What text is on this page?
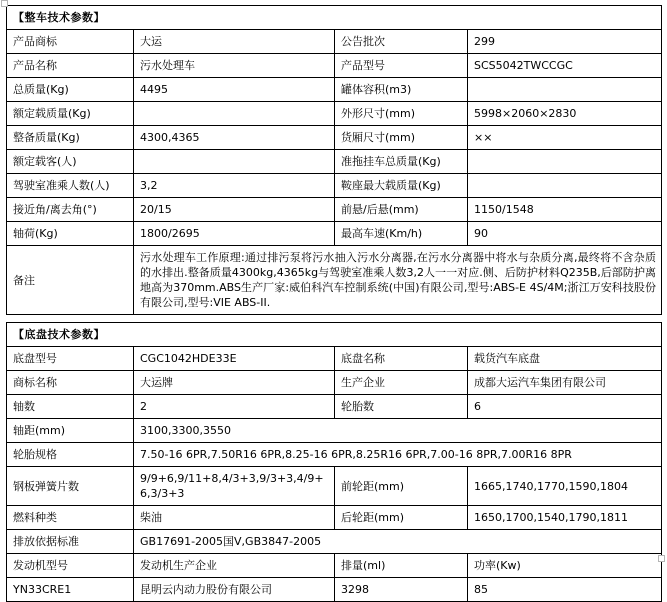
【整车技术参数】			
产品商标	大运	公告批次	299
产品名称	污水处理车	产品型号	SCS5042TWCCGC
总质量(Kg)	4495	罐体容积(m3)	
额定载质量(Kg)		外形尺寸(mm)	5998×2060×2830
整备质量(Kg)	4300,4365	货厢尺寸(mm)	××
额定载客(人)		准拖挂车总质量(Kg)	
驾驶室准乘人数(人)	3,2	鞍座最大载质量(Kg)	
接近角/离去角(°)	20/15	前悬/后悬(mm)	1150/1548
轴荷(Kg)	1800/2695	最高车速(Km/h)	90
备注	污水处理车工作原理:通过排污泵将污水抽入污水分离器,在污水分离器中将水与杂质分离,最终将不含杂质的水排出.整备质量4300kg,4365kg与驾驶室准乘人数3,2人一一对应.侧、后防护材料Q235B,后部防护离地高为370mm.ABS生产厂家:威伯科汽车控制系统(中国)有限公司,型号:ABS-E 4S/4M;浙江万安科技股份有限公司,型号:VIE ABS-II.		
【底盘技术参数】			
底盘型号	CGC1042HDE33E	底盘名称	载货汽车底盘
商标名称	大运牌	生产企业	成都大运汽车集团有限公司
轴数	2	轮胎数	6
轴距(mm)	3100,3300,3550		
轮胎规格	7.50-16 6PR,7.50R16 6PR,8.25-16 6PR,8.25R16 6PR,7.00-16 8PR,7.00R16 8PR		
钢板弹簧片数	9/9+6,9/11+8,4/3+3,9/3+3,4/9+6,3/3+3	前轮距(mm)	1665,1740,1770,1590,1804
燃料种类	柴油	后轮距(mm)	1650,1700,1540,1790,1811
排放依据标准	GB17691-2005国V,GB3847-2005		
发动机型号	发动机生产企业	排量(ml)	功率(Kw)
YN33CRE1	昆明云内动力股份有限公司	3298	85
